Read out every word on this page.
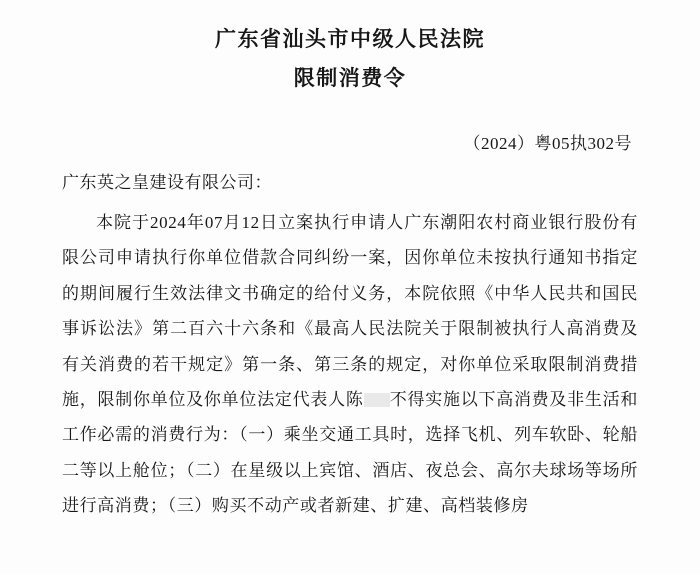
广东省汕头市中级人民法院
限制消费令
（2024）粤05执302号
广东英之皇建设有限公司：
本院于2024年07月12日立案执行申请人广东潮阳农村商业银行股份有限公司申请执行你单位借款合同纠纷一案，因你单位未按执行通知书指定的期间履行生效法律文书确定的给付义务，本院依照《中华人民共和国民事诉讼法》第二百六十六条和《最高人民法院关于限制被执行人高消费及有关消费的若干规定》第一条、第三条的规定，对你单位采取限制消费措施，限制你单位及你单位法定代表人陈 不得实施以下高消费及非生活和工作必需的消费行为：（一）乘坐交通工具时，选择飞机、列车软卧、轮船二等以上舱位；（二）在星级以上宾馆、酒店、夜总会、高尔夫球场等场所进行高消费；（三）购买不动产或者新建、扩建、高档装修房
